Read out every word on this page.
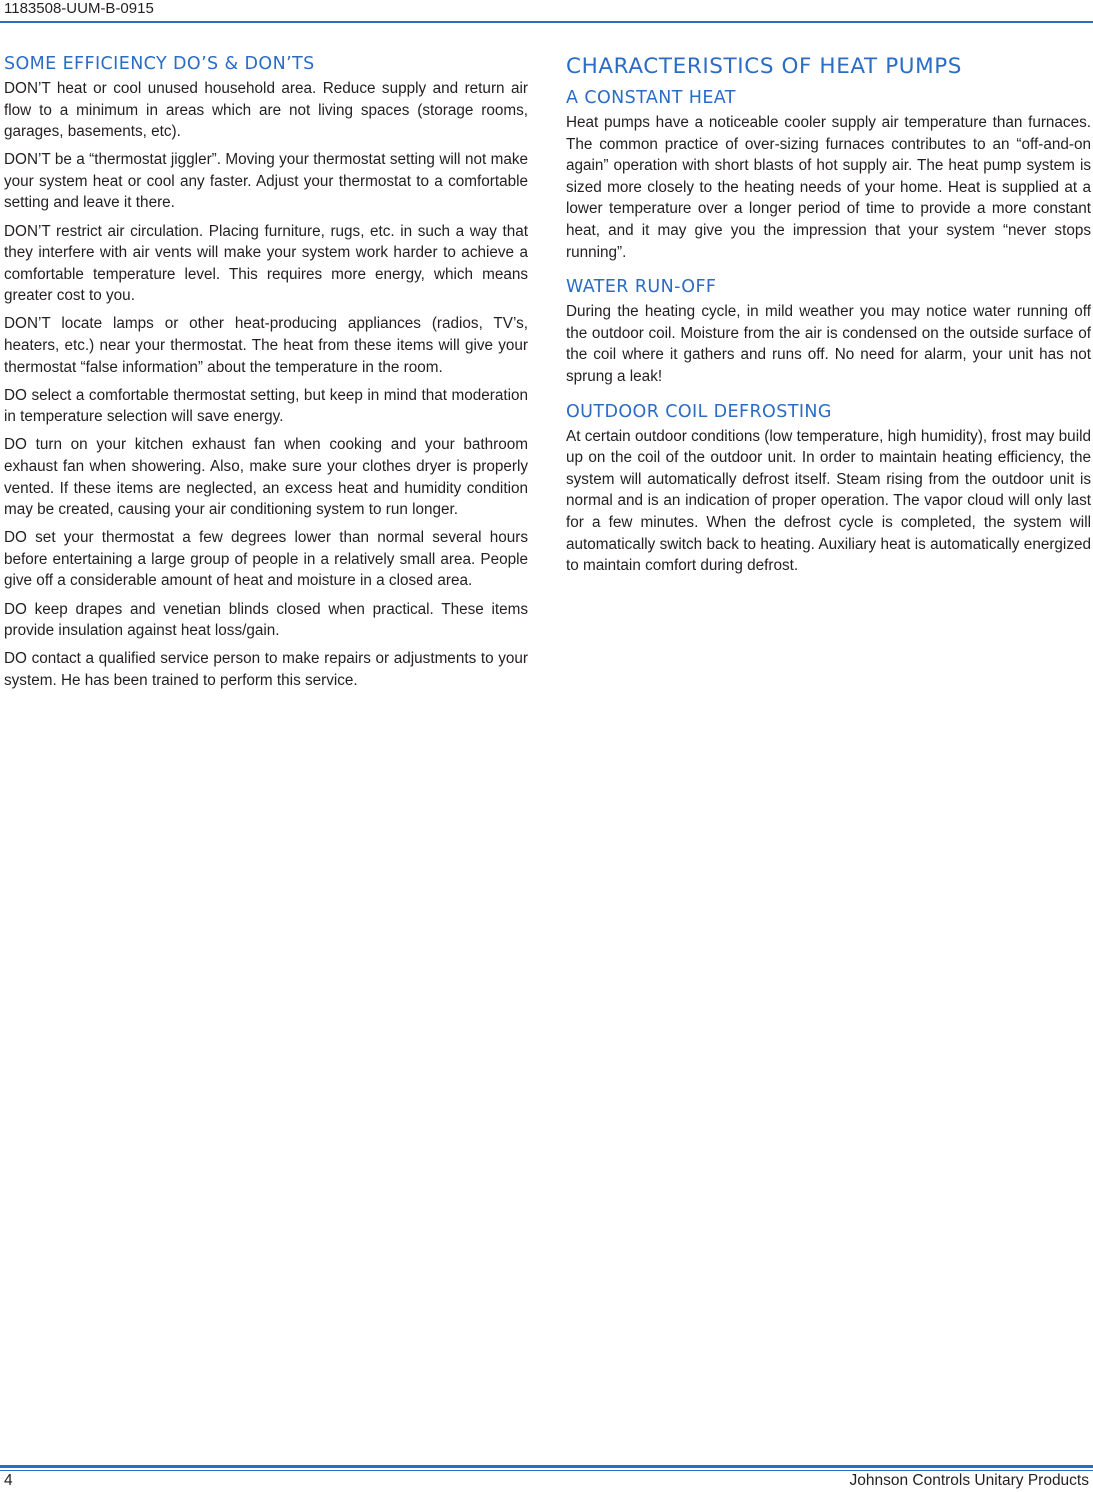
1183508-UUM-B-0915
SOME EFFICIENCY DO’S & DON’TS

DON’T heat or cool unused household area. Reduce supply and return air flow to a minimum in areas which are not living spaces (storage rooms, garages, basements, etc).

DON’T be a “thermostat jiggler”. Moving your thermostat setting will not make your system heat or cool any faster. Adjust your thermostat to a comfortable setting and leave it there.

DON’T restrict air circulation. Placing furniture, rugs, etc. in such a way that they interfere with air vents will make your system work harder to achieve a comfortable temperature level. This requires more energy, which means greater cost to you.

DON’T locate lamps or other heat-producing appliances (radios, TV’s, heaters, etc.) near your thermostat. The heat from these items will give your thermostat “false information” about the temperature in the room.

DO select a comfortable thermostat setting, but keep in mind that moderation in temperature selection will save energy.

DO turn on your kitchen exhaust fan when cooking and your bathroom exhaust fan when showering. Also, make sure your clothes dryer is properly vented. If these items are neglected, an excess heat and humidity condition may be created, causing your air conditioning system to run longer.

DO set your thermostat a few degrees lower than normal several hours before entertaining a large group of people in a relatively small area. People give off a considerable amount of heat and moisture in a closed area.

DO keep drapes and venetian blinds closed when practical. These items provide insulation against heat loss/gain.

DO contact a qualified service person to make repairs or adjustments to your system. He has been trained to perform this service.

CHARACTERISTICS OF HEAT PUMPS
A CONSTANT HEAT

Heat pumps have a noticeable cooler supply air temperature than furnaces. The common practice of over-sizing furnaces contributes to an “off-and-on again” operation with short blasts of hot supply air. The heat pump system is sized more closely to the heating needs of your home. Heat is supplied at a lower temperature over a longer period of time to provide a more constant heat, and it may give you the impression that your system “never stops running”.

WATER RUN-OFF

During the heating cycle, in mild weather you may notice water running off the outdoor coil. Moisture from the air is condensed on the outside surface of the coil where it gathers and runs off. No need for alarm, your unit has not sprung a leak!

OUTDOOR COIL DEFROSTING

At certain outdoor conditions (low temperature, high humidity), frost may build up on the coil of the outdoor unit. In order to maintain heating efficiency, the system will automatically defrost itself. Steam rising from the outdoor unit is normal and is an indication of proper operation. The vapor cloud will only last for a few minutes. When the defrost cycle is completed, the system will automatically switch back to heating. Auxiliary heat is automatically energized to maintain comfort during defrost.

4	Johnson Controls Unitary Products
